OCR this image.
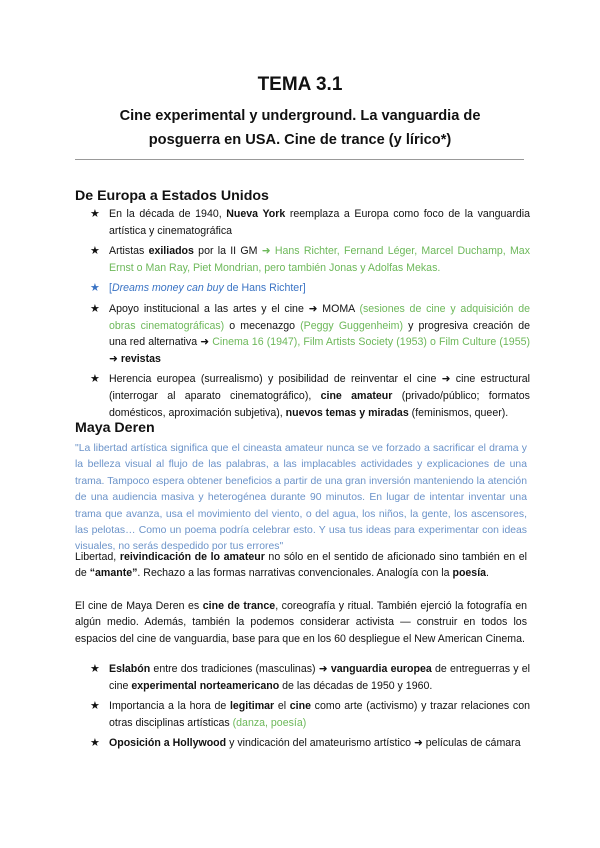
TEMA 3.1
Cine experimental y underground. La vanguardia de
posguerra en USA. Cine de trance (y lírico*)
De Europa a Estados Unidos
★ En la década de 1940, Nueva York reemplaza a Europa como foco de la vanguardia artística y cinematográfica
★ Artistas exiliados por la II GM ➜ Hans Richter, Fernand Léger, Marcel Duchamp, Max Ernst o Man Ray, Piet Mondrian, pero también Jonas y Adolfas Mekas.
★ [Dreams money can buy de Hans Richter]
★ Apoyo institucional a las artes y el cine ➜ MOMA (sesiones de cine y adquisición de obras cinematográficas) o mecenazgo (Peggy Guggenheim) y progresiva creación de una red alternativa ➜ Cinema 16 (1947), Film Artists Society (1953) o Film Culture (1955) ➜ revistas
★ Herencia europea (surrealismo) y posibilidad de reinventar el cine ➜ cine estructural (interrogar al aparato cinematográfico), cine amateur (privado/público; formatos domésticos, aproximación subjetiva), nuevos temas y miradas (feminismos, queer).
Maya Deren

"La libertad artística significa que el cineasta amateur nunca se ve forzado a sacrificar el drama y la belleza visual al flujo de las palabras, a las implacables actividades y explicaciones de una trama. Tampoco espera obtener beneficios a partir de una gran inversión manteniendo la atención de una audiencia masiva y heterogénea durante 90 minutos. En lugar de intentar inventar una trama que avanza, usa el movimiento del viento, o del agua, los niños, la gente, los ascensores, las pelotas… Como un poema podría celebrar esto. Y usa tus ideas para experimentar con ideas visuales, no serás despedido por tus errores"

Libertad, reivindicación de lo amateur no sólo en el sentido de aficionado sino también en el de “amante”. Rechazo a las formas narrativas convencionales. Analogía con la poesía.

El cine de Maya Deren es cine de trance, coreografía y ritual. También ejerció la fotografía en algún medio. Además, también la podemos considerar activista — construir en todos los espacios del cine de vanguardia, base para que en los 60 despliegue el New American Cinema.

★ Eslabón entre dos tradiciones (masculinas) ➜ vanguardia europea de entreguerras y el cine experimental norteamericano de las décadas de 1950 y 1960.
★ Importancia a la hora de legitimar el cine como arte (activismo) y trazar relaciones con otras disciplinas artísticas (danza, poesía)
★ Oposición a Hollywood y vindicación del amateurismo artístico ➜ películas de cámara
